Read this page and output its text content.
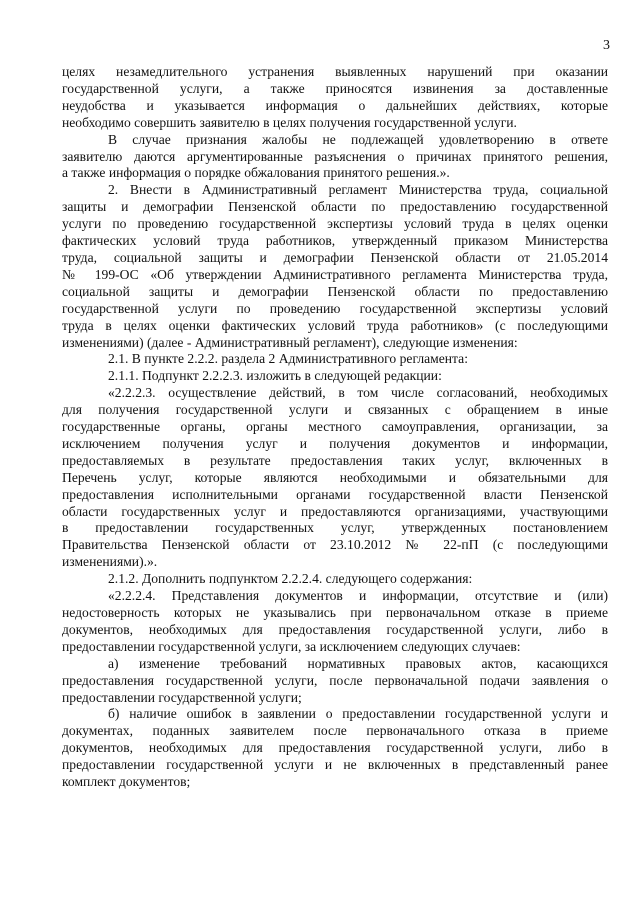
3

целях незамедлительного устранения выявленных нарушений при оказании
государственной услуги, а также приносятся извинения за доставленные
неудобства и указывается информация о дальнейших действиях, которые
необходимо совершить заявителю в целях получения государственной услуги.

В случае признания жалобы не подлежащей удовлетворению в ответе
заявителю даются аргументированные разъяснения о причинах принятого решения,
а также информация о порядке обжалования принятого решения.».

2. Внести в Административный регламент Министерства труда, социальной
защиты и демографии Пензенской области по предоставлению государственной
услуги по проведению государственной экспертизы условий труда в целях оценки
фактических условий труда работников, утвержденный приказом Министерства
труда, социальной защиты и демографии Пензенской области от 21.05.2014
№ 199-ОС «Об утверждении Административного регламента Министерства труда,
социальной защиты и демографии Пензенской области по предоставлению
государственной услуги по проведению государственной экспертизы условий
труда в целях оценки фактических условий труда работников» (с последующими
изменениями) (далее - Административный регламент), следующие изменения:

2.1. В пункте 2.2.2. раздела 2 Административного регламента:

2.1.1. Подпункт 2.2.2.3. изложить в следующей редакции:

«2.2.2.3. осуществление действий, в том числе согласований, необходимых
для получения государственной услуги и связанных с обращением в иные
государственные органы, органы местного самоуправления, организации, за
исключением получения услуг и получения документов и информации,
предоставляемых в результате предоставления таких услуг, включенных в
Перечень услуг, которые являются необходимыми и обязательными для
предоставления исполнительными органами государственной власти Пензенской
области государственных услуг и предоставляются организациями, участвующими
в предоставлении государственных услуг, утвержденных постановлением
Правительства Пензенской области от 23.10.2012 № 22-пП (с последующими
изменениями).».

2.1.2. Дополнить подпунктом 2.2.2.4. следующего содержания:

«2.2.2.4. Представления документов и информации, отсутствие и (или)
недостоверность которых не указывались при первоначальном отказе в приеме
документов, необходимых для предоставления государственной услуги, либо в
предоставлении государственной услуги, за исключением следующих случаев:

а) изменение требований нормативных правовых актов, касающихся
предоставления государственной услуги, после первоначальной подачи заявления о
предоставлении государственной услуги;

б) наличие ошибок в заявлении о предоставлении государственной услуги и
документах, поданных заявителем после первоначального отказа в приеме
документов, необходимых для предоставления государственной услуги, либо в
предоставлении государственной услуги и не включенных в представленный ранее
комплект документов;
